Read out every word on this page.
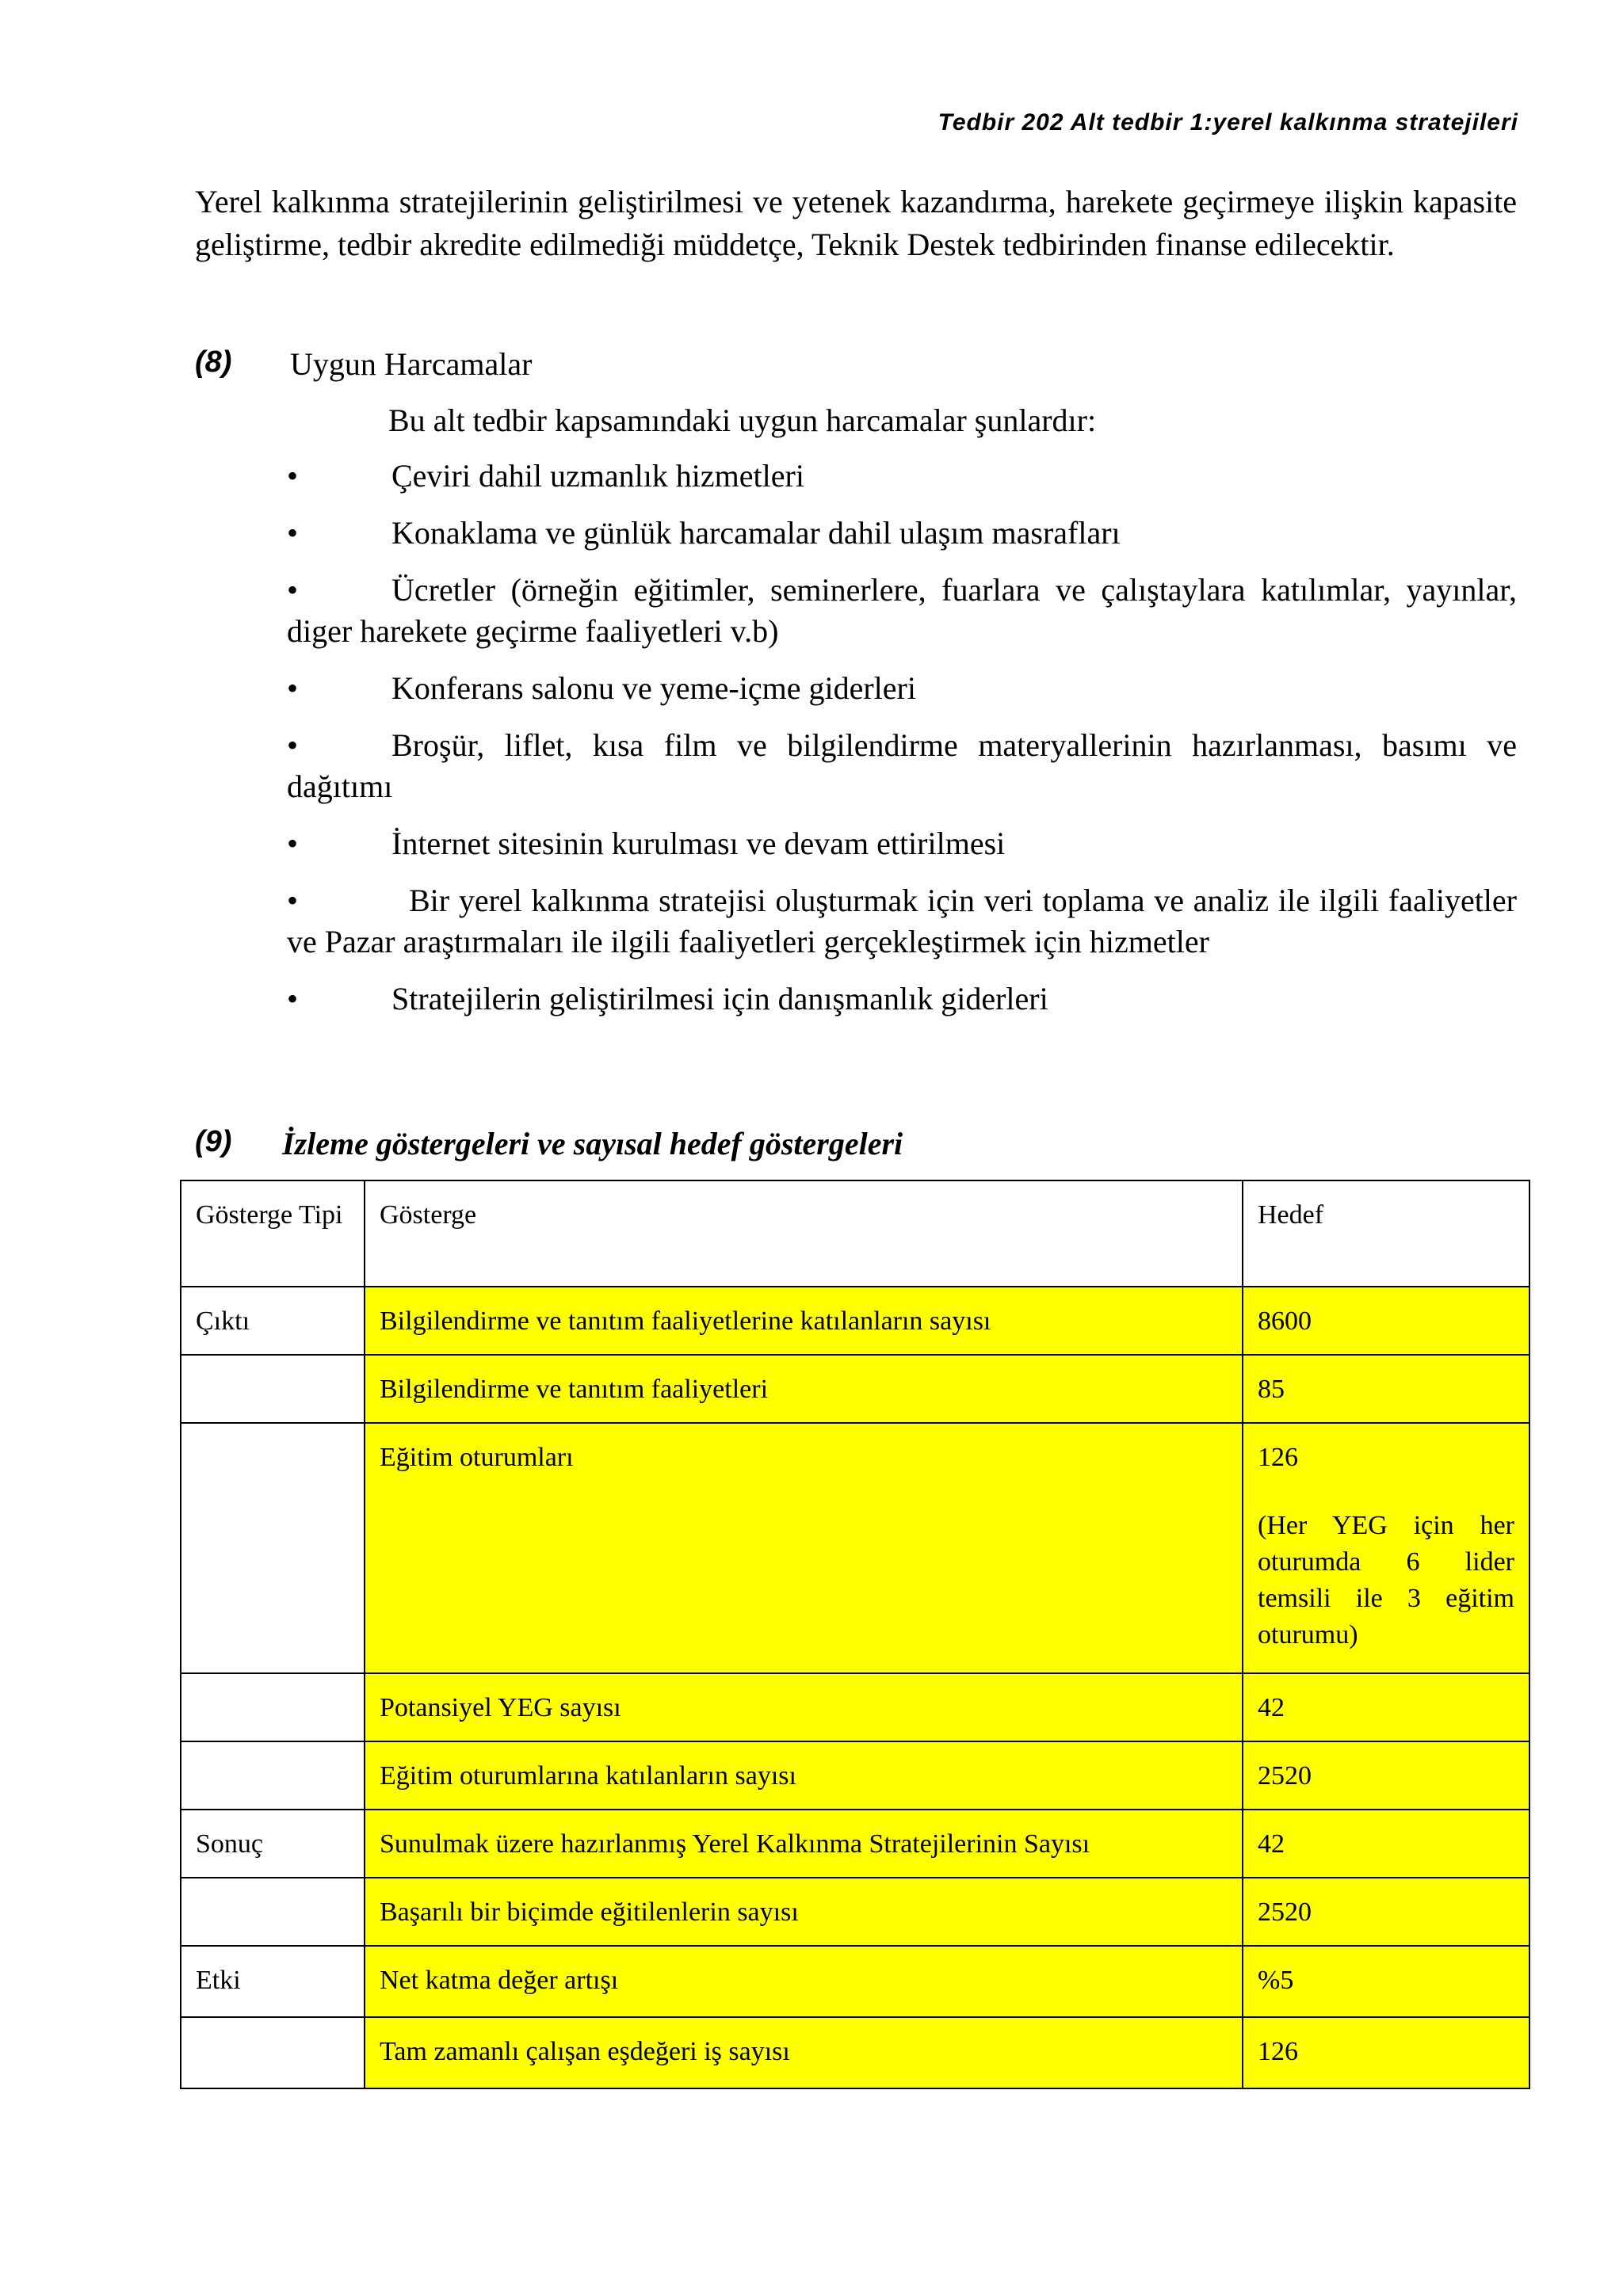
Tedbir 202 Alt tedbir 1:yerel kalkınma stratejileri

Yerel kalkınma stratejilerinin geliştirilmesi ve yetenek kazandırma, harekete geçirmeye ilişkin kapasite geliştirme, tedbir akredite edilmediği müddetçe, Teknik Destek tedbirinden finanse edilecektir.

(8) Uygun Harcamalar
Bu alt tedbir kapsamındaki uygun harcamalar şunlardır:
•	Çeviri dahil uzmanlık hizmetleri
•	Konaklama ve günlük harcamalar dahil ulaşım masrafları
•	Ücretler (örneğin eğitimler, seminerlere, fuarlara ve çalıştaylara katılımlar, yayınlar, diger harekete geçirme faaliyetleri v.b)
•	Konferans salonu ve yeme-içme giderleri
•	Broşür, liflet, kısa film ve bilgilendirme materyallerinin hazırlanması, basımı ve dağıtımı
•	İnternet sitesinin kurulması ve devam ettirilmesi
•	Bir yerel kalkınma stratejisi oluşturmak için veri toplama ve analiz ile ilgili faaliyetler ve Pazar araştırmaları ile ilgili faaliyetleri gerçekleştirmek için hizmetler
•	Stratejilerin geliştirilmesi için danışmanlık giderleri
(9) İzleme göstergeleri ve sayısal hedef göstergeleri
Gösterge Tipi	Gösterge	Hedef
Çıktı	Bilgilendirme ve tanıtım faaliyetlerine katılanların sayısı	8600
	Bilgilendirme ve tanıtım faaliyetleri	85
	Eğitim oturumları	126
(Her YEG için her oturumda 6 lider temsili ile 3 eğitim oturumu)

	Potansiyel YEG sayısı	42
	Eğitim oturumlarına katılanların sayısı	2520
Sonuç	Sunulmak üzere hazırlanmış Yerel Kalkınma Stratejilerinin Sayısı	42
	Başarılı bir biçimde eğitilenlerin sayısı	2520
Etki	Net katma değer artışı	%5
	Tam zamanlı çalışan eşdeğeri iş sayısı	126
